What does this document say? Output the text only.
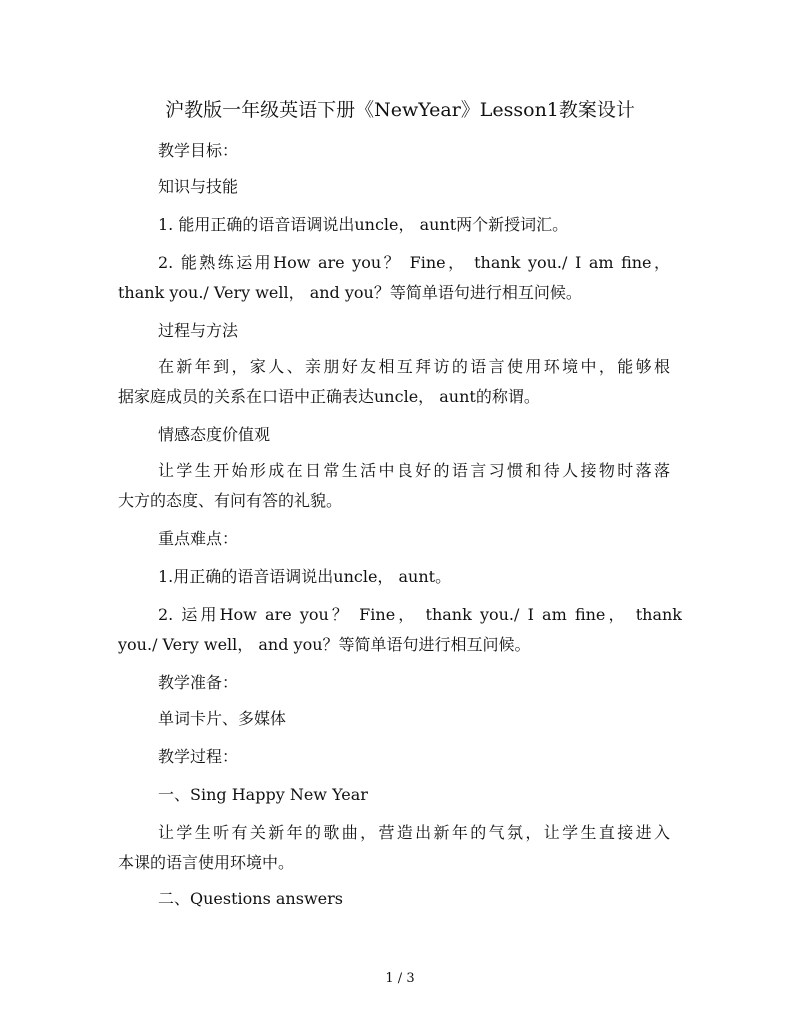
沪教版一年级英语下册《NewYear》Lesson1教案设计
教学目标：
知识与技能
1. 能用正确的语音语调说出uncle， aunt两个新授词汇。
2. 能熟练运用How are you？ Fine， thank you./ I am fine，
thank you./ Very well， and you？等简单语句进行相互问候。
过程与方法
在新年到，家人、亲朋好友相互拜访的语言使用环境中，能够根
据家庭成员的关系在口语中正确表达uncle， aunt的称谓。
情感态度价值观
让学生开始形成在日常生活中良好的语言习惯和待人接物时落落
大方的态度、有问有答的礼貌。
重点难点：
1.用正确的语音语调说出uncle， aunt。
2. 运用How are you？ Fine， thank you./ I am fine， thank
you./ Very well， and you？等简单语句进行相互问候。
教学准备：
单词卡片、多媒体
教学过程：
一、Sing Happy New Year
让学生听有关新年的歌曲，营造出新年的气氛，让学生直接进入
本课的语言使用环境中。
二、Questions answers
1 / 3
